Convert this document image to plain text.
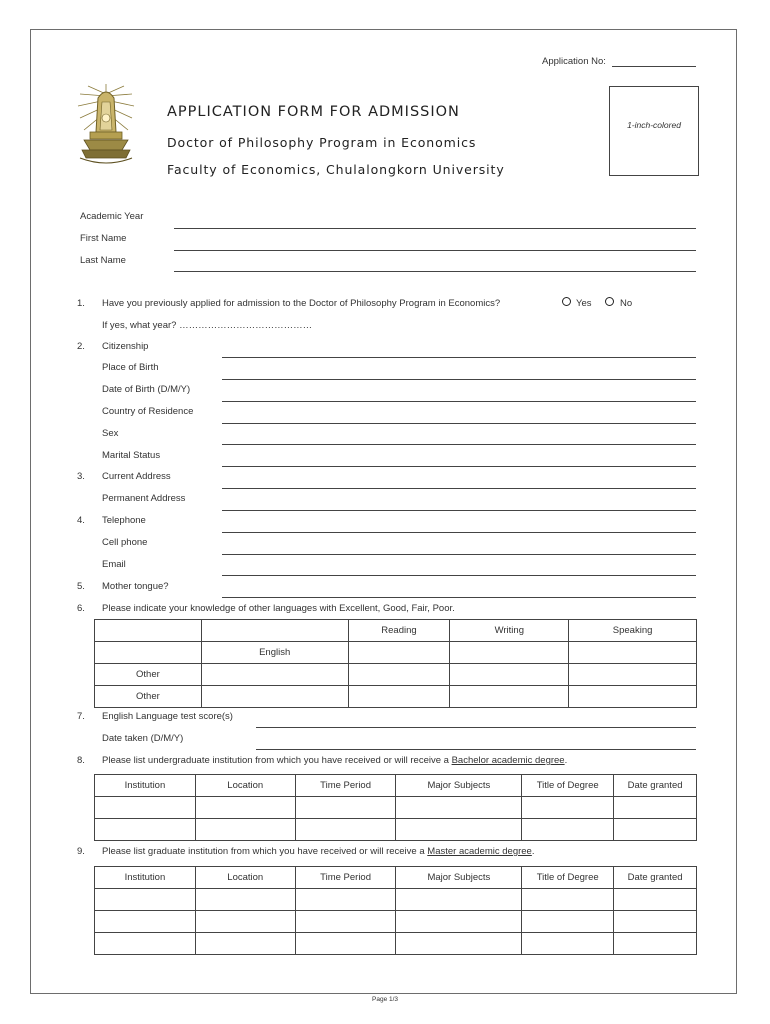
Application No:
APPLICATION FORM FOR ADMISSION
Doctor of Philosophy Program in Economics
Faculty of Economics, Chulalongkorn University
1-inch-colored
Academic Year
First Name
Last Name
1. Have you previously applied for admission to the Doctor of Philosophy Program in Economics?	Yes	No
If yes, what year? ……………………………………
2. Citizenship
Place of Birth
Date of Birth (D/M/Y)
Country of Residence
Sex
Marital Status
3. Current Address
Permanent Address
4. Telephone
Cell phone
Email
5. Mother tongue?
6. Please indicate your knowledge of other languages with Excellent, Good, Fair, Poor.
		Reading	Writing	Speaking
	English			
Other				
Other				
7. English Language test score(s)
Date taken (D/M/Y)
8. Please list undergraduate institution from which you have received or will receive a Bachelor academic degree.
Institution	Location	Time Period	Major Subjects	Title of Degree	Date granted

9. Please list graduate institution from which you have received or will receive a Master academic degree.
Institution	Location	Time Period	Major Subjects	Title of Degree	Date granted

Page 1/3
